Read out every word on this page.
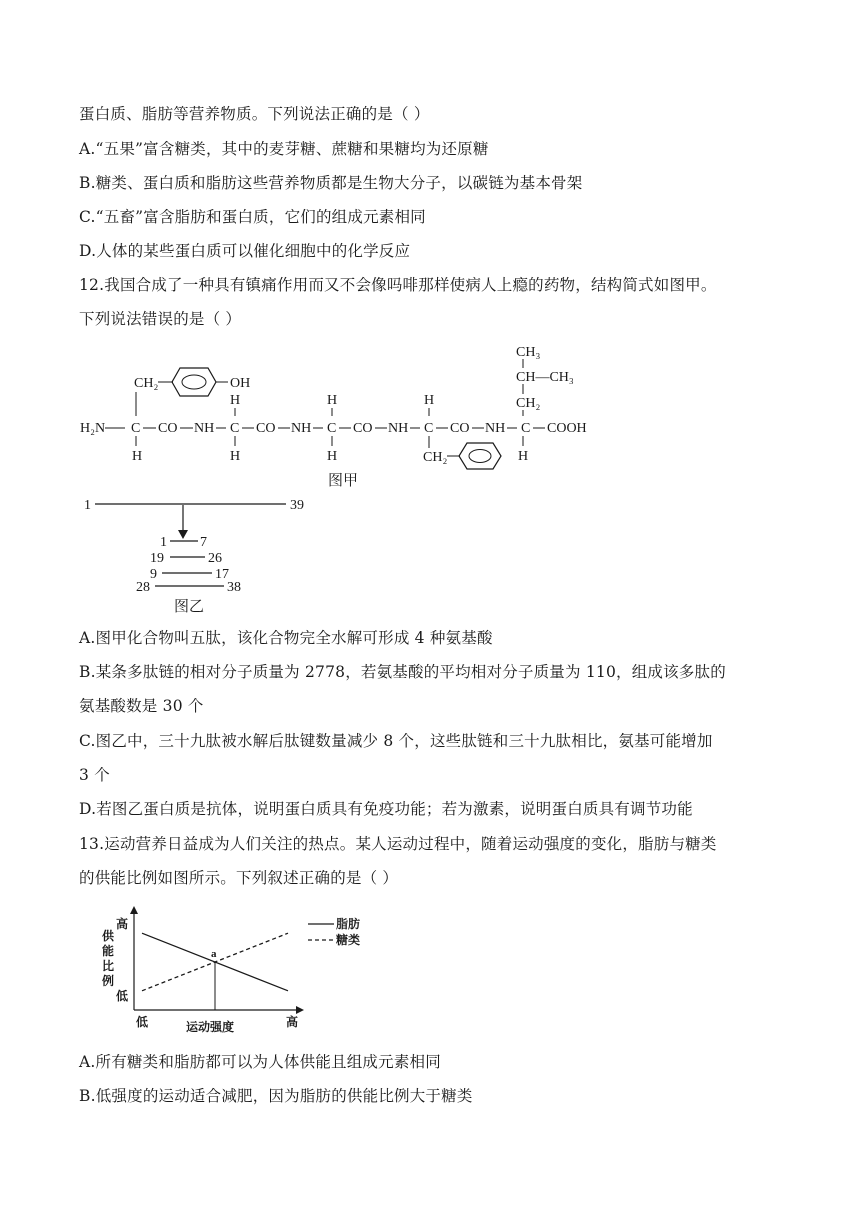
蛋白质、脂肪等营养物质。下列说法正确的是（ ）
A.“五果”富含糖类，其中的麦芽糖、蔗糖和果糖均为还原糖
B.糖类、蛋白质和脂肪这些营养物质都是生物大分子，以碳链为基本骨架
C.“五畜”富含脂肪和蛋白质，它们的组成元素相同
D.人体的某些蛋白质可以催化细胞中的化学反应
12.我国合成了一种具有镇痛作用而又不会像吗啡那样使病人上瘾的药物，结构简式如图甲。
下列说法错误的是（ ）
H₂N C CO NH C CO NH C CO NH C CO NH C COOH
CH₂	OH
H
H
H
H
H
H
CH₂
CH₃
CH—CH₃
CH₂
H
图甲
1	39
1 7
19	26
9	17
28	38
图乙
A.图甲化合物叫五肽，该化合物完全水解可形成 4 种氨基酸
B.某条多肽链的相对分子质量为 2778，若氨基酸的平均相对分子质量为 110，组成该多肽的
氨基酸数是 30 个
C.图乙中，三十九肽被水解后肽键数量减少 8 个，这些肽链和三十九肽相比，氨基可能增加
3 个
D.若图乙蛋白质是抗体，说明蛋白质具有免疫功能；若为激素，说明蛋白质具有调节功能
13.运动营养日益成为人们关注的热点。某人运动过程中，随着运动强度的变化，脂肪与糖类
的供能比例如图所示。下列叙述正确的是（ ）
高
低
低	高
运动强度
供能比例
a
脂肪
糖类
A.所有糖类和脂肪都可以为人体供能且组成元素相同
B.低强度的运动适合减肥，因为脂肪的供能比例大于糖类
